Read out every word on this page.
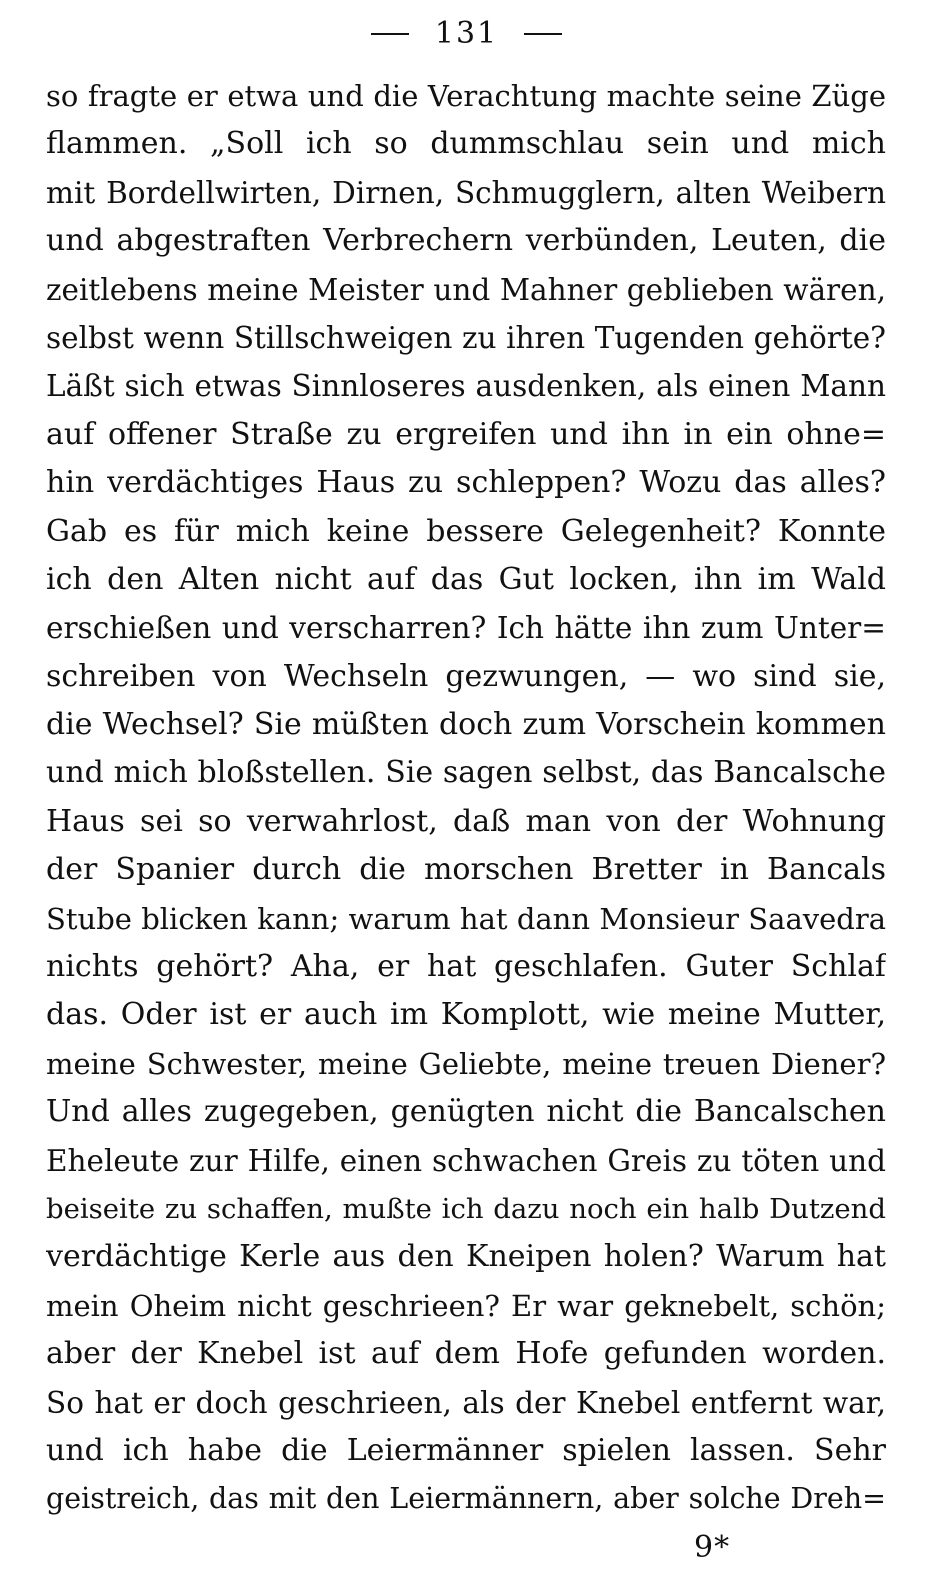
131
so fragte er etwa und die Verachtung machte seine Züge
flammen. „Soll ich so dummschlau sein und mich
mit Bordellwirten, Dirnen, Schmugglern, alten Weibern
und abgestraften Verbrechern verbünden, Leuten, die
zeitlebens meine Meister und Mahner geblieben wären,
selbst wenn Stillschweigen zu ihren Tugenden gehörte?
Läßt sich etwas Sinnloseres ausdenken, als einen Mann
auf offener Straße zu ergreifen und ihn in ein ohne=
hin verdächtiges Haus zu schleppen? Wozu das alles?
Gab es für mich keine bessere Gelegenheit? Konnte
ich den Alten nicht auf das Gut locken, ihn im Wald
erschießen und verscharren? Ich hätte ihn zum Unter=
schreiben von Wechseln gezwungen, — wo sind sie,
die Wechsel? Sie müßten doch zum Vorschein kommen
und mich bloßstellen. Sie sagen selbst, das Bancalsche
Haus sei so verwahrlost, daß man von der Wohnung
der Spanier durch die morschen Bretter in Bancals
Stube blicken kann; warum hat dann Monsieur Saavedra
nichts gehört? Aha, er hat geschlafen. Guter Schlaf
das. Oder ist er auch im Komplott, wie meine Mutter,
meine Schwester, meine Geliebte, meine treuen Diener?
Und alles zugegeben, genügten nicht die Bancalschen
Eheleute zur Hilfe, einen schwachen Greis zu töten und
beiseite zu schaffen, mußte ich dazu noch ein halb Dutzend
verdächtige Kerle aus den Kneipen holen? Warum hat
mein Oheim nicht geschrieen? Er war geknebelt, schön;
aber der Knebel ist auf dem Hofe gefunden worden.
So hat er doch geschrieen, als der Knebel entfernt war,
und ich habe die Leiermänner spielen lassen. Sehr
geistreich, das mit den Leiermännern, aber solche Dreh=
9*
